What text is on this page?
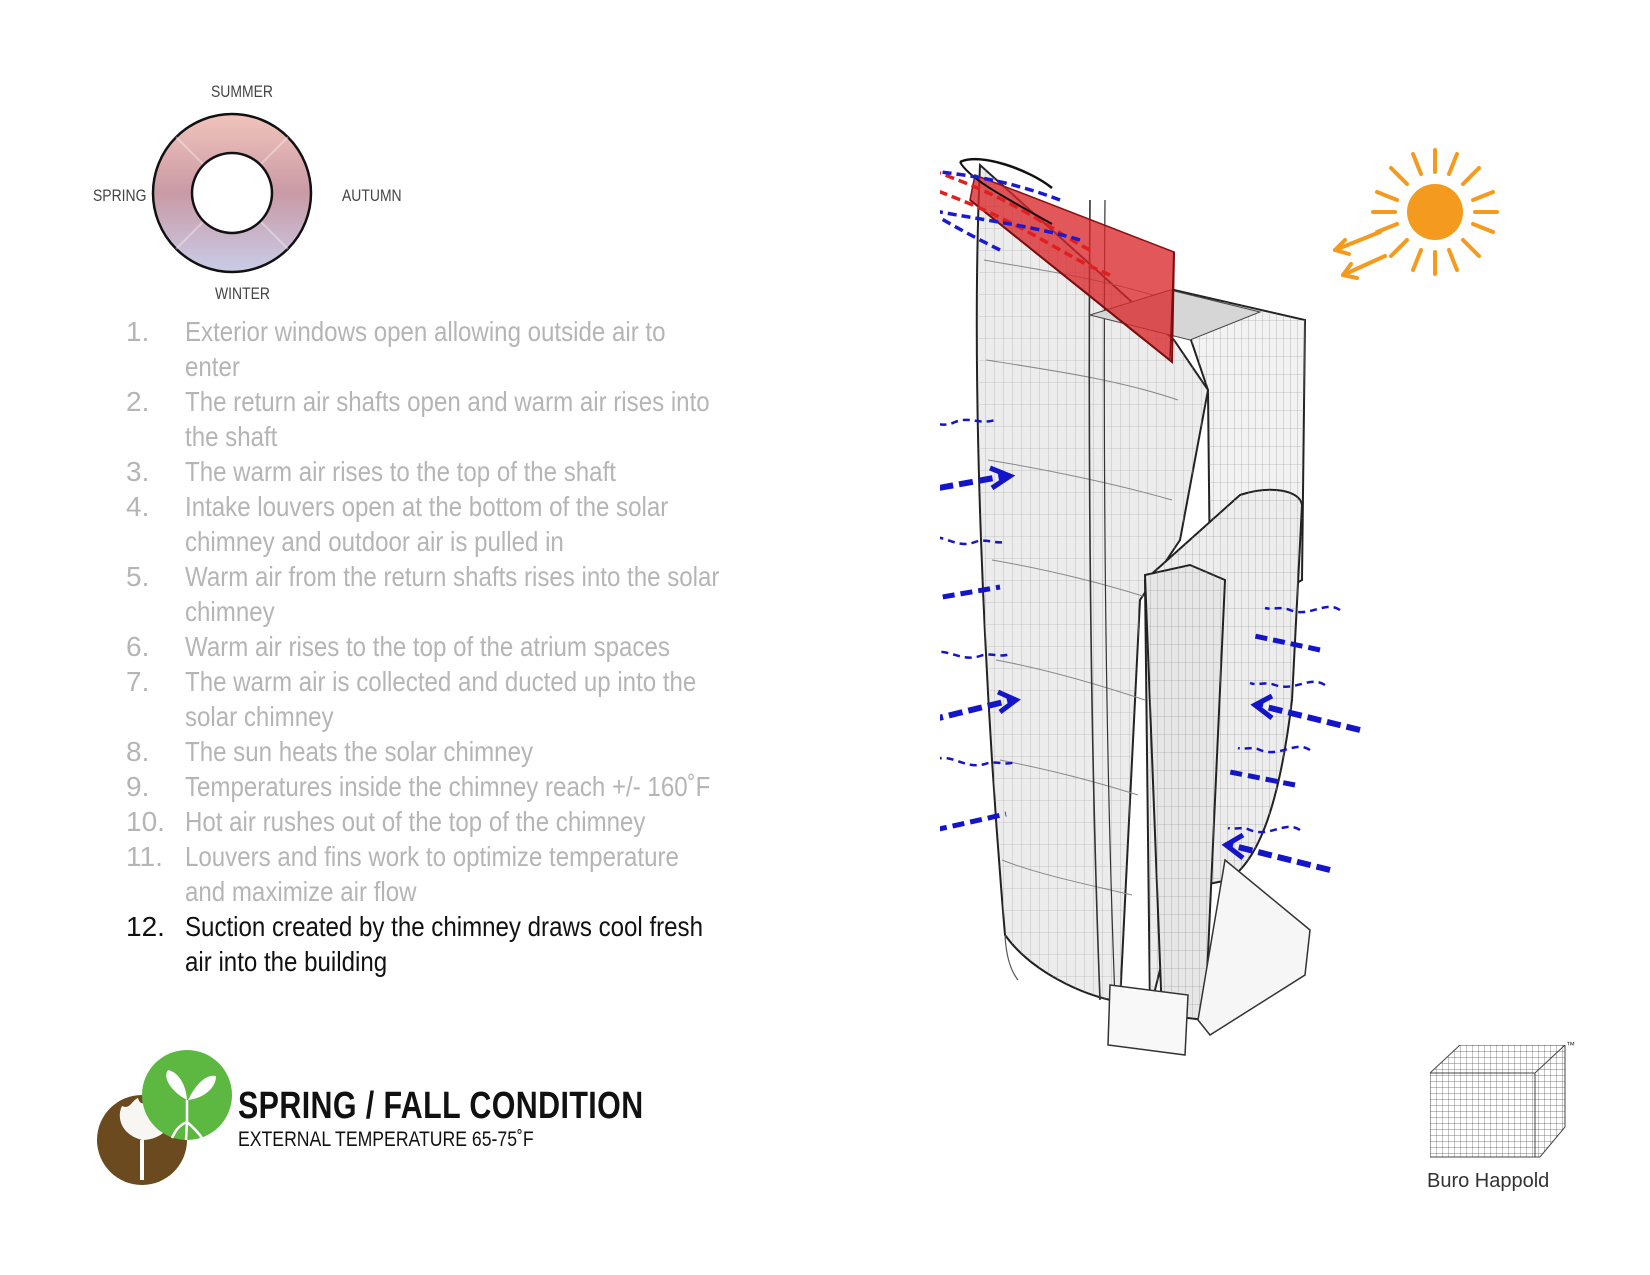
SUMMER
AUTUMN
WINTER
SPRING
1. Exterior windows open allowing outside air to enter
2. The return air shafts open and warm air rises into the shaft
3. The warm air rises to the top of the shaft
4. Intake louvers open at the bottom of the solar chimney and outdoor air is pulled in
5. Warm air from the return shafts rises into the solar chimney
6. Warm air rises to the top of the atrium spaces
7. The warm air is collected and ducted up into the solar chimney
8. The sun heats the solar chimney
9. Temperatures inside the chimney reach +/- 160˚F
10. Hot air rushes out of the top of the chimney
11. Louvers and fins work to optimize temperature and maximize air flow
12. Suction created by the chimney draws cool fresh air into the building
SPRING / FALL CONDITION
EXTERNAL TEMPERATURE 65-75˚F
™
Buro Happold
